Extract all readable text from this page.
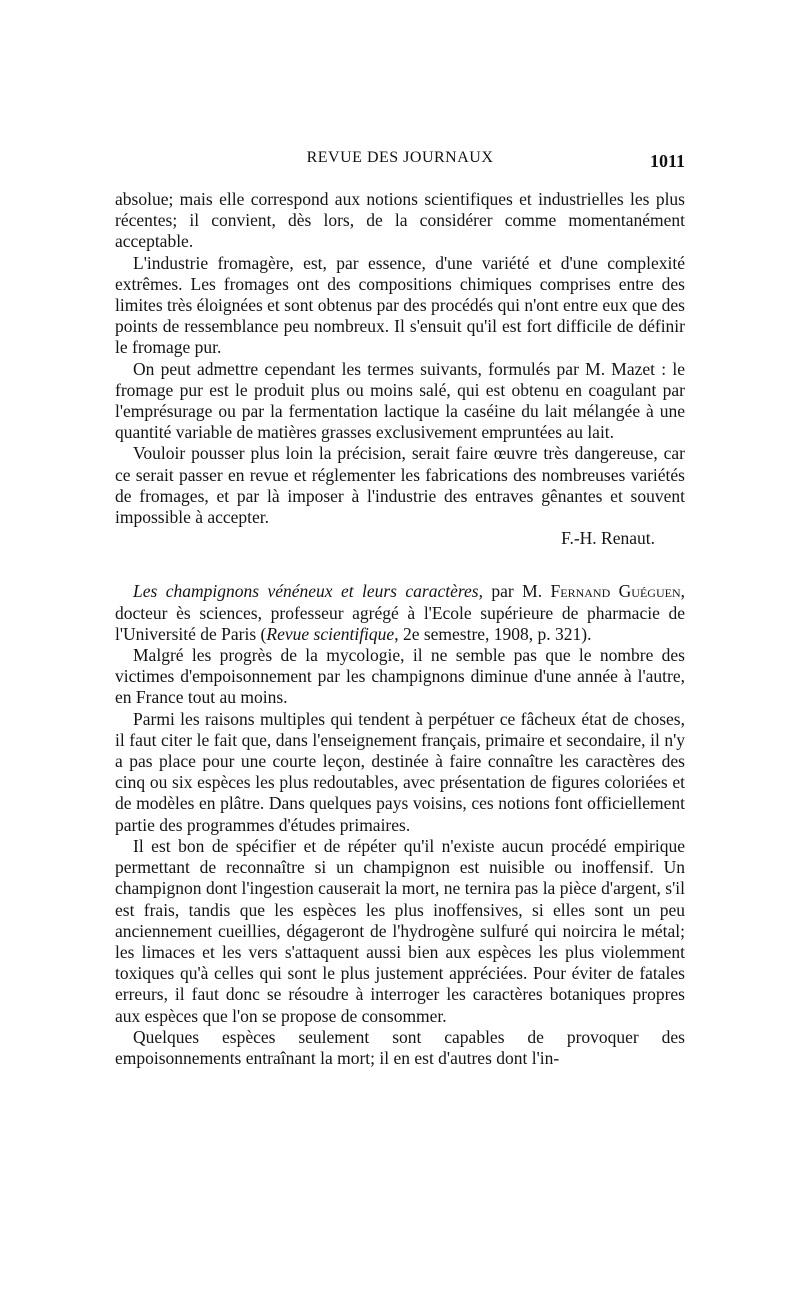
REVUE DES JOURNAUX	1011

absolue; mais elle correspond aux notions scientifiques et industrielles les plus récentes; il convient, dès lors, de la considérer comme momentanément acceptable.

L'industrie fromagère, est, par essence, d'une variété et d'une complexité extrêmes. Les fromages ont des compositions chimiques comprises entre des limites très éloignées et sont obtenus par des procédés qui n'ont entre eux que des points de ressemblance peu nombreux. Il s'ensuit qu'il est fort difficile de définir le fromage pur.

On peut admettre cependant les termes suivants, formulés par M. Mazet : le fromage pur est le produit plus ou moins salé, qui est obtenu en coagulant par l'emprésurage ou par la fermentation lactique la caséine du lait mélangée à une quantité variable de matières grasses exclusivement empruntées au lait.

Vouloir pousser plus loin la précision, serait faire œuvre très dangereuse, car ce serait passer en revue et réglementer les fabrications des nombreuses variétés de fromages, et par là imposer à l'industrie des entraves gênantes et souvent impossible à accepter.

F.-H. Renaut.

Les champignons vénéneux et leurs caractères, par M. Fernand Guéguen, docteur ès sciences, professeur agrégé à l'Ecole supérieure de pharmacie de l'Université de Paris (Revue scientifique, 2e semestre, 1908, p. 321).

Malgré les progrès de la mycologie, il ne semble pas que le nombre des victimes d'empoisonnement par les champignons diminue d'une année à l'autre, en France tout au moins.

Parmi les raisons multiples qui tendent à perpétuer ce fâcheux état de choses, il faut citer le fait que, dans l'enseignement français, primaire et secondaire, il n'y a pas place pour une courte leçon, destinée à faire connaître les caractères des cinq ou six espèces les plus redoutables, avec présentation de figures coloriées et de modèles en plâtre. Dans quelques pays voisins, ces notions font officiellement partie des programmes d'études primaires.

Il est bon de spécifier et de répéter qu'il n'existe aucun procédé empirique permettant de reconnaître si un champignon est nuisible ou inoffensif. Un champignon dont l'ingestion causerait la mort, ne ternira pas la pièce d'argent, s'il est frais, tandis que les espèces les plus inoffensives, si elles sont un peu anciennement cueillies, dégageront de l'hydrogène sulfuré qui noircira le métal; les limaces et les vers s'attaquent aussi bien aux espèces les plus violemment toxiques qu'à celles qui sont le plus justement appréciées. Pour éviter de fatales erreurs, il faut donc se résoudre à interroger les caractères botaniques propres aux espèces que l'on se propose de consommer.

Quelques espèces seulement sont capables de provoquer des empoisonnements entraînant la mort; il en est d'autres dont l'in-
